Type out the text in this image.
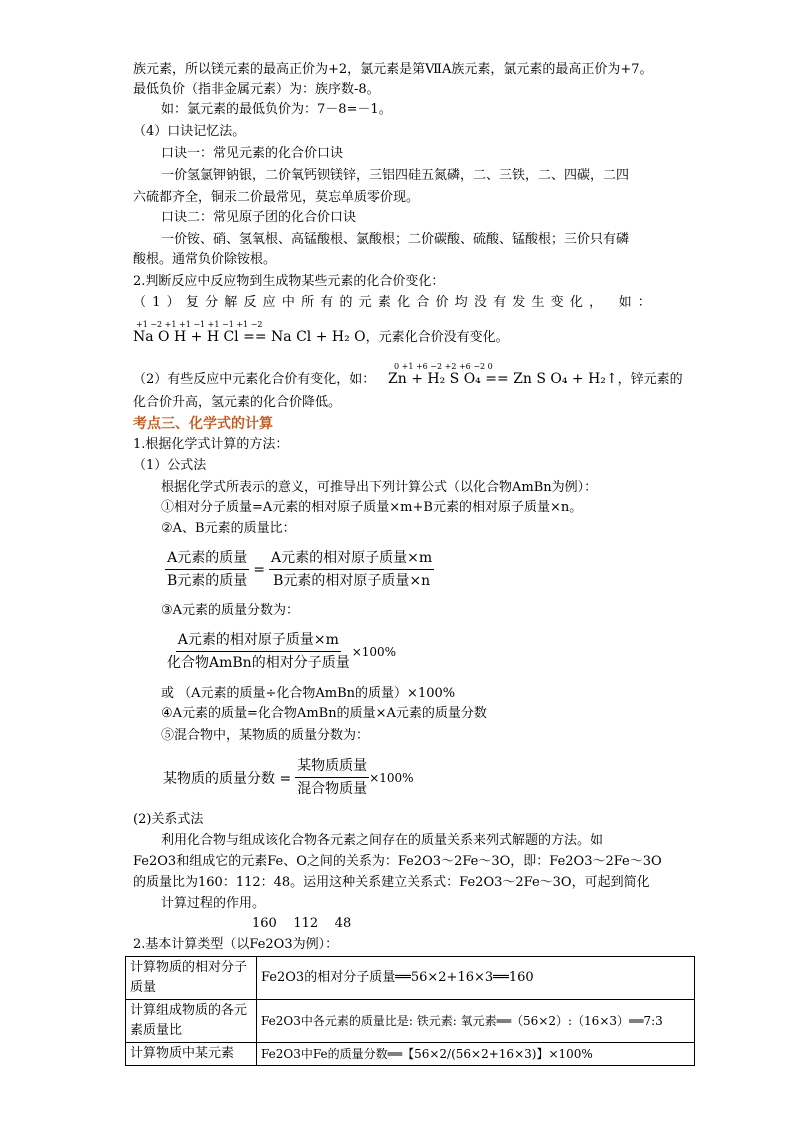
族元素，所以镁元素的最高正价为+2，氯元素是第ⅦA族元素，氯元素的最高正价为+7。
最低负价（指非金属元素）为：族序数-8。
如：氯元素的最低负价为：7－8=－1。
（4）口诀记忆法。
口诀一：常见元素的化合价口诀
一价氢氯钾钠银，二价氧钙钡镁锌，三铝四硅五氮磷，二、三铁，二、四碳，二四
六硫都齐全，铜汞二价最常见，莫忘单质零价现。
口诀二：常见原子团的化合价口诀
一价铵、硝、氢氧根、高锰酸根、氯酸根；二价碳酸、硫酸、锰酸根；三价只有磷
酸根。通常负价除铵根。
2.判断反应中反应物到生成物某些元素的化合价变化：
（1）复分解反应中所有的元素化合价均没有发生变化， 如：
+1 −2 +1 +1 −1 +1 −1 +1 −2
Na O H + H Cl == Na Cl + H₂ O，元素化合价没有变化。
（2）有些反应中元素化合价有变化，如：
0 +1 +6 −2 +2 +6 −2 0
Zn + H₂ S O₄ == Zn S O₄ + H₂↑，锌元素的
化合价升高，氢元素的化合价降低。
考点三、化学式的计算
1.根据化学式计算的方法：
（1）公式法
根据化学式所表示的意义，可推导出下列计算公式（以化合物AmBn为例）：
①相对分子质量=A元素的相对原子质量×m+B元素的相对原子质量×n。
②A、B元素的质量比：
$\frac{\text{A元素的质量}}{\text{B元素的质量}} = \frac{\text{A元素的相对原子质量×m}}{\text{B元素的相对原子质量×n}}$
③A元素的质量分数为：
$\frac{\text{A元素的相对原子质量×m}}{\text{化合物AmBn的相对分子质量}} \times 100\%$
或 （A元素的质量÷化合物AmBn的质量）×100%
④A元素的质量=化合物AmBn的质量×A元素的质量分数
⑤混合物中，某物质的质量分数为：
某物质的质量分数 = $\frac{\text{某物质质量}}{\text{混合物质量}} \times 100\%$
(2)关系式法
利用化合物与组成该化合物各元素之间存在的质量关系来列式解题的方法。如
Fe2O3和组成它的元素Fe、O之间的关系为：Fe2O3～2Fe～3O，即：Fe2O3～2Fe～3O
的质量比为160：112：48。运用这种关系建立关系式：Fe2O3～2Fe～3O，可起到简化
计算过程的作用。
160    112    48
2.基本计算类型（以Fe2O3为例）：
计算物质的相对分子质量	Fe2O3的相对分子质量══56×2+16×3══160
计算组成物质的各元素质量比	Fe2O3中各元素的质量比是: 铁元素: 氧元素══（56×2）:（16×3）══7:3
计算物质中某元素	Fe2O3中Fe的质量分数══【56×2/(56×2+16×3)】×100%
